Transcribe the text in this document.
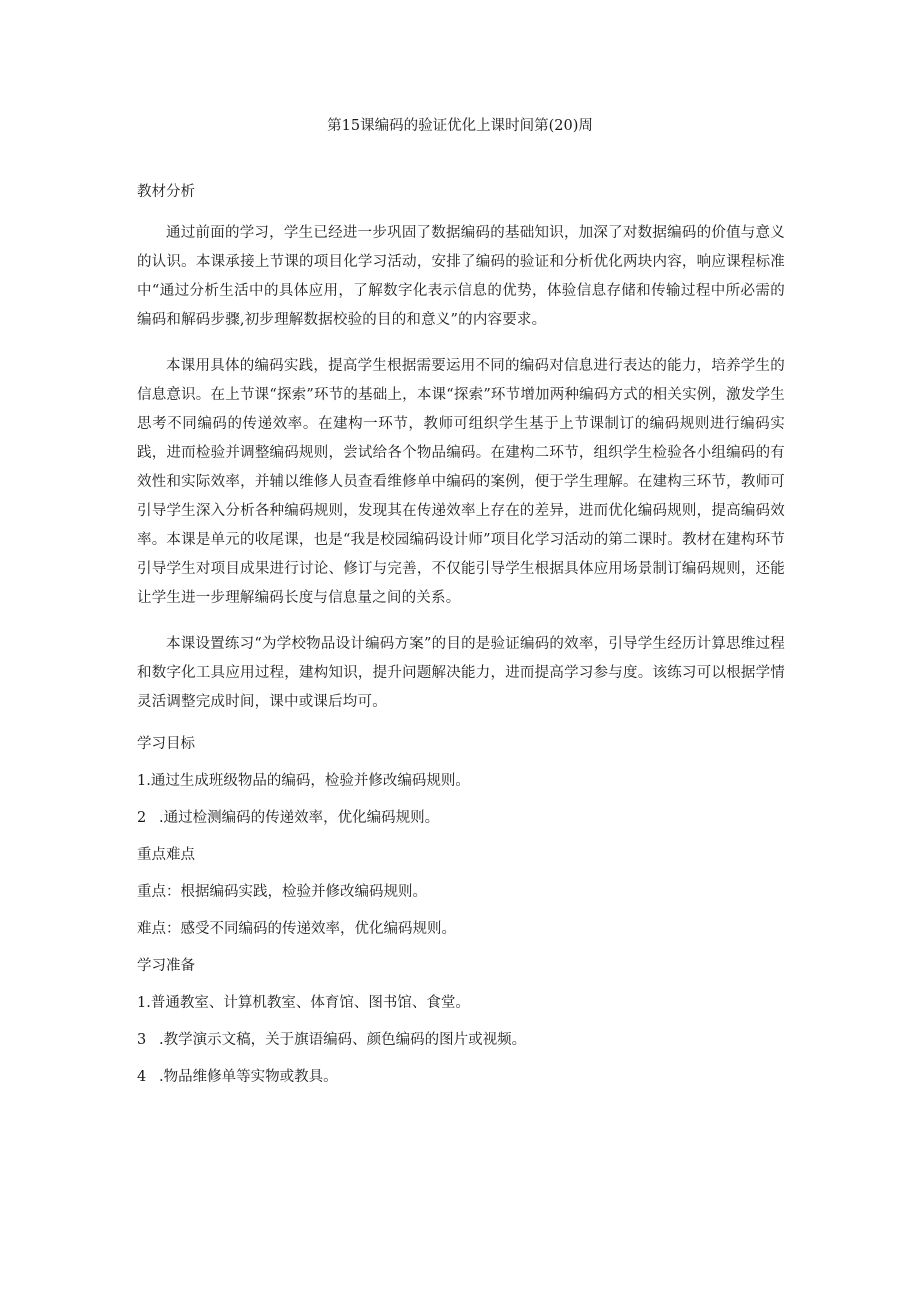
第15课编码的验证优化上课时间第(20)周
教材分析

通过前面的学习，学生已经进一步巩固了数据编码的基础知识，加深了对数据编码的价值与意义的认识。本课承接上节课的项目化学习活动，安排了编码的验证和分析优化两块内容，响应课程标准中“通过分析生活中的具体应用，了解数字化表示信息的优势，体验信息存储和传输过程中所必需的编码和解码步骤,初步理解数据校验的目的和意义”的内容要求。

本课用具体的编码实践，提高学生根据需要运用不同的编码对信息进行表达的能力，培养学生的信息意识。在上节课“探索”环节的基础上，本课“探索”环节增加两种编码方式的相关实例，激发学生思考不同编码的传递效率。在建构一环节，教师可组织学生基于上节课制订的编码规则进行编码实践，进而检验并调整编码规则，尝试给各个物品编码。在建构二环节，组织学生检验各小组编码的有效性和实际效率，并辅以维修人员查看维修单中编码的案例，便于学生理解。在建构三环节，教师可引导学生深入分析各种编码规则，发现其在传递效率上存在的差异，进而优化编码规则，提高编码效率。本课是单元的收尾课，也是“我是校园编码设计师”项目化学习活动的第二课时。教材在建构环节引导学生对项目成果进行讨论、修订与完善，不仅能引导学生根据具体应用场景制订编码规则，还能让学生进一步理解编码长度与信息量之间的关系。

本课设置练习“为学校物品设计编码方案”的目的是验证编码的效率，引导学生经历计算思维过程和数字化工具应用过程，建构知识，提升问题解决能力，进而提高学习参与度。该练习可以根据学情灵活调整完成时间，课中或课后均可。

学习目标
1.通过生成班级物品的编码，检验并修改编码规则。
2 .通过检测编码的传递效率，优化编码规则。
重点难点
重点：根据编码实践，检验并修改编码规则。
难点：感受不同编码的传递效率，优化编码规则。
学习准备
1.普通教室、计算机教室、体育馆、图书馆、食堂。
3 .教学演示文稿，关于旗语编码、颜色编码的图片或视频。
4 .物品维修单等实物或教具。
